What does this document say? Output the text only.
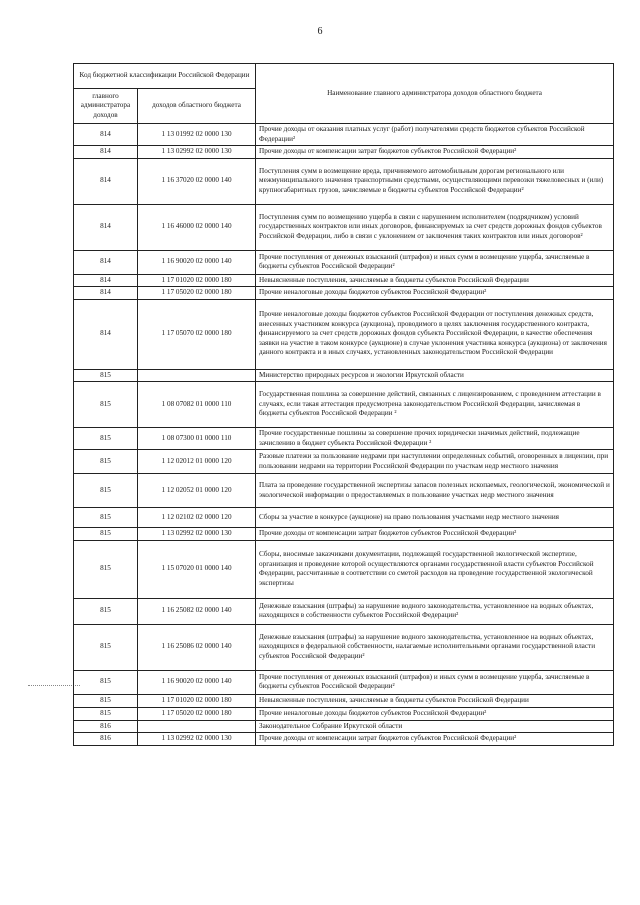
6
Код бюджетной классификации Российской Федерации		Наименование главного администратора доходов областного бюджета
главного администратора доходов	доходов областного бюджета	
814	1 13 01992 02 0000 130	Прочие доходы от оказания платных услуг (работ) получателями средств бюджетов субъектов Российской Федерации²
814	1 13 02992 02 0000 130	Прочие доходы от компенсации затрат бюджетов субъектов Российской Федерации²
814	1 16 37020 02 0000 140	Поступления сумм в возмещение вреда, причиняемого автомобильным дорогам регионального или межмуниципального значения транспортными средствами, осуществляющими перевозки тяжеловесных и (или) крупногабаритных грузов, зачисляемые в бюджеты субъектов Российской Федерации²
814	1 16 46000 02 0000 140	Поступления сумм по возмещению ущерба в связи с нарушением исполнителем (подрядчиком) условий государственных контрактов или иных договоров, финансируемых за счет средств дорожных фондов субъектов Российской Федерации, либо в связи с уклонением от заключения таких контрактов или иных договоров²
814	1 16 90020 02 0000 140	Прочие поступления от денежных взысканий (штрафов) и иных сумм в возмещение ущерба, зачисляемые в бюджеты субъектов Российской Федерации²
814	1 17 01020 02 0000 180	Невыясненные поступления, зачисляемые в бюджеты субъектов Российской Федерации
814	1 17 05020 02 0000 180	Прочие неналоговые доходы бюджетов субъектов Российской Федерации²
814	1 17 05070 02 0000 180	Прочие неналоговые доходы бюджетов субъектов Российской Федерации от поступления денежных средств, внесенных участником конкурса (аукциона), проводимого в целях заключения государственного контракта, финансируемого за счет средств дорожных фондов субъекта Российской Федерации, в качестве обеспечения заявки на участие в таком конкурсе (аукционе) в случае уклонения участника конкурса (аукциона) от заключения данного контракта и в иных случаях, установленных законодательством Российской Федерации
815		Министерство природных ресурсов и экологии Иркутской области
815	1 08 07082 01 0000 110	Государственная пошлина за совершение действий, связанных с лицензированием, с проведением аттестации в случаях, если такая аттестация предусмотрена законодательством Российской Федерации, зачисляемая в бюджеты субъектов Российской Федерации ²
815	1 08 07300 01 0000 110	Прочие государственные пошлины за совершение прочих юридически значимых действий, подлежащие зачислению в бюджет субъекта Российской Федерации ²
815	1 12 02012 01 0000 120	Разовые платежи за пользование недрами при наступлении определенных событий, оговоренных в лицензии, при пользовании недрами на территории Российской Федерации по участкам недр местного значения
815	1 12 02052 01 0000 120	Плата за проведение государственной экспертизы запасов полезных ископаемых, геологической, экономической и экологической информации о предоставляемых в пользование участках недр местного значения
815	1 12 02102 02 0000 120	Сборы за участие в конкурсе (аукционе) на право пользования участками недр местного значения
815	1 13 02992 02 0000 130	Прочие доходы от компенсации затрат бюджетов субъектов Российской Федерации²
815	1 15 07020 01 0000 140	Сборы, вносимые заказчиками документации, подлежащей государственной экологической экспертизе, организация и проведение которой осуществляются органами государственной власти субъектов Российской Федерации, рассчитанные в соответствии со сметой расходов на проведение государственной экологической экспертизы
815	1 16 25082 02 0000 140	Денежные взыскания (штрафы) за нарушение водного законодательства, установленное на водных объектах, находящихся в собственности субъектов Российской Федерации²
815	1 16 25086 02 0000 140	Денежные взыскания (штрафы) за нарушение водного законодательства, установленное на водных объектах, находящихся в федеральной собственности, налагаемые исполнительными органами государственной власти субъектов Российской Федерации²
815	1 16 90020 02 0000 140	Прочие поступления от денежных взысканий (штрафов) и иных сумм в возмещение ущерба, зачисляемые в бюджеты субъектов Российской Федерации²
815	1 17 01020 02 0000 180	Невыясненные поступления, зачисляемые в бюджеты субъектов Российской Федерации
815	1 17 05020 02 0000 180	Прочие неналоговые доходы бюджетов субъектов Российской Федерации²
816		Законодательное Собрание Иркутской области
816	1 13 02992 02 0000 130	Прочие доходы от компенсации затрат бюджетов субъектов Российской Федерации²
